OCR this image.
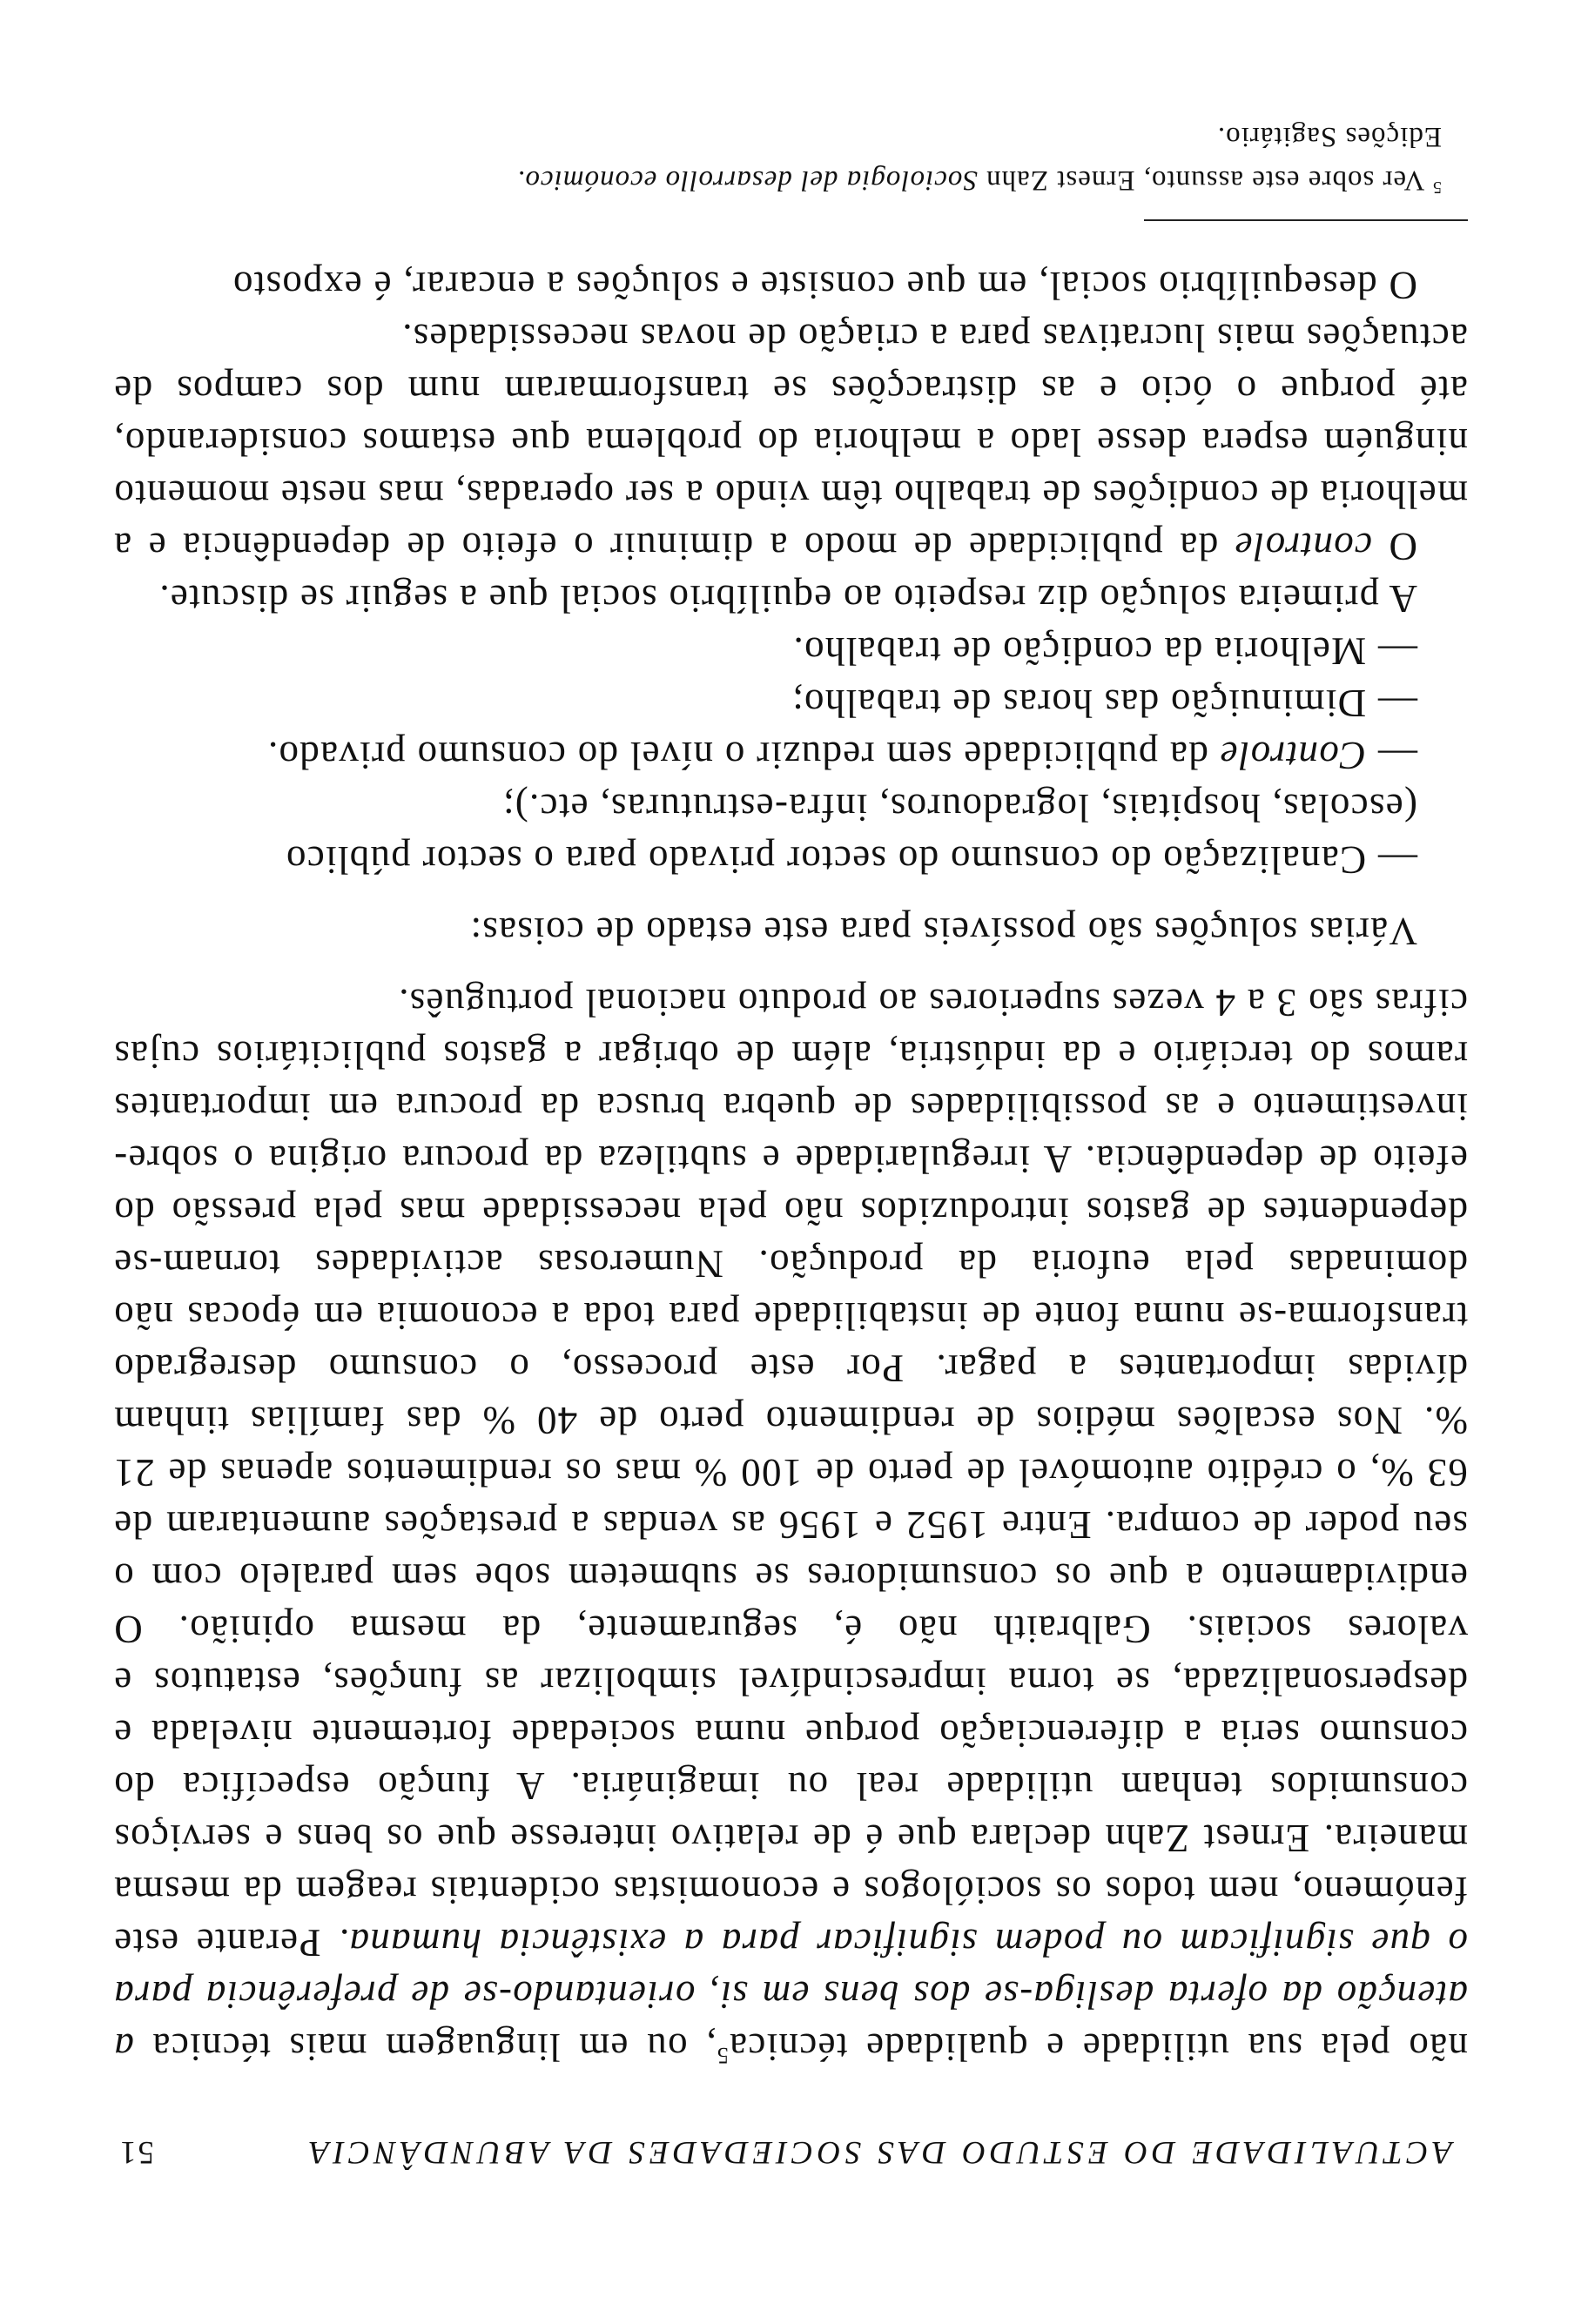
ACTUALIDADE DO ESTUDO DAS SOCIEDADES DA ABUNDÂNCIA
51

não pela sua utilidade e qualidade técnica$^5$, ou em linguagem mais técnica a atenção da oferta desliga-se dos bens em si, orientando-se de preferência para o que significam ou podem significar para a existência humana. Perante este fenómeno, nem todos os sociólogos e economistas ocidentais reagem da mesma maneira. Ernest Zahn declara que é de relativo interesse que os bens e serviços consumidos tenham utilidade real ou imaginária. A função específica do consumo seria a diferenciação porque numa sociedade fortemente nivelada e despersonalizada, se torna imprescindível simbolizar as funções, estatutos e valores sociais. Galbraith não é, seguramente, da mesma opinião. O endividamento a que os consumidores se submetem sobe sem paralelo com o seu poder de compra. Entre 1952 e 1956 as vendas a prestações aumentaram de 63 %, o crédito automóvel de perto de 100 % mas os rendimentos apenas de 21 %. Nos escalões médios de rendimento perto de 40 % das famílias tinham dívidas importantes a pagar. Por este processo, o consumo desregrado transforma-se numa fonte de instabilidade para toda a economia em épocas não dominadas pela euforia da produção. Numerosas actividades tornam-se dependentes de gastos introduzidos não pela necessidade mas pela pressão do efeito de dependência. A irregularidade e subtileza da procura origina o sobre-investimento e as possibilidades de quebra brusca da procura em importantes ramos do terciário e da indústria, além de obrigar a gastos publicitários cujas cifras são 3 a 4 vezes superiores ao produto nacional português.

Várias soluções são possíveis para este estado de coisas:

— Canalização do consumo do sector privado para o sector público

(escolas, hospitais, logradouros, infra-estruturas, etc.);

— Controle da publicidade sem reduzir o nível do consumo privado.

— Diminuição das horas de trabalho;

— Melhoria da condição de trabalho.

A primeira solução diz respeito ao equilíbrio social que a seguir se discute.

O controle da publicidade de modo a diminuir o efeito de dependência e a melhoria de condições de trabalho têm vindo a ser operadas, mas neste momento ninguém espera desse lado a melhoria do problema que estamos considerando, até porque o ócio e as distracções se transformaram num dos campos de actuações mais lucrativas para a criação de novas necessidades.

O desequilíbrio social, em que consiste e soluções a encarar, é exposto

$^5$ Ver sobre este assunto, Ernest Zahn Sociologia del desarrollo económico.

Edições Sagitário.
